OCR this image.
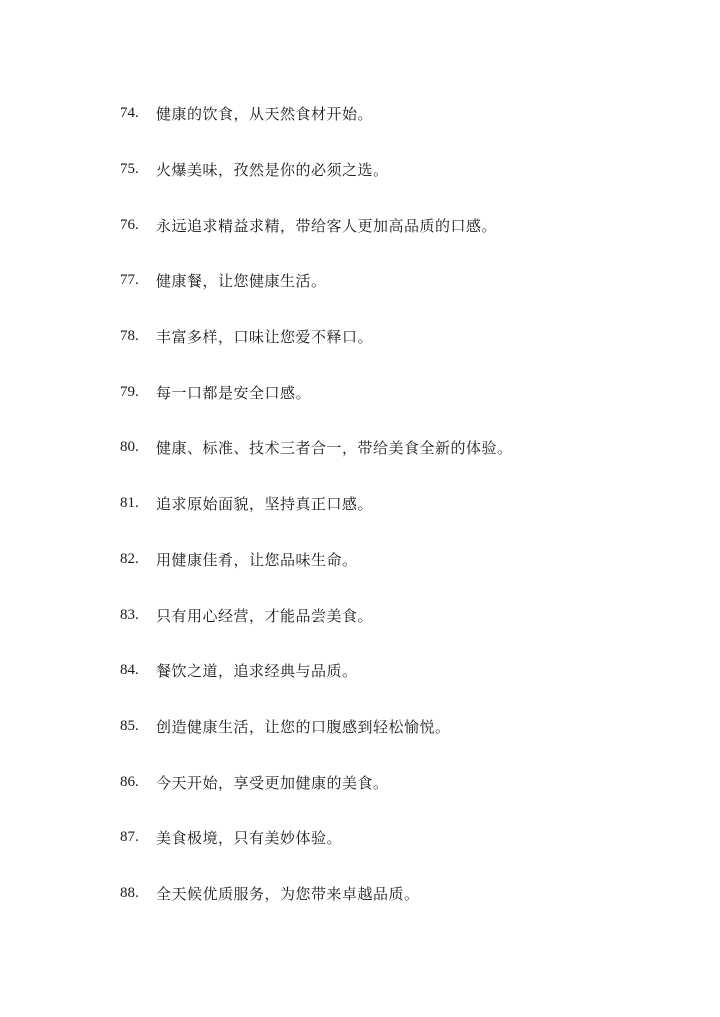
74.	健康的饮食，从天然食材开始。
75.	火爆美味，孜然是你的必须之选。
76.	永远追求精益求精，带给客人更加高品质的口感。
77.	健康餐，让您健康生活。
78.	丰富多样，口味让您爱不释口。
79.	每一口都是安全口感。
80.	健康、标准、技术三者合一，带给美食全新的体验。
81.	追求原始面貌，坚持真正口感。
82.	用健康佳肴，让您品味生命。
83.	只有用心经营，才能品尝美食。
84.	餐饮之道，追求经典与品质。
85.	创造健康生活，让您的口腹感到轻松愉悦。
86.	今天开始，享受更加健康的美食。
87.	美食极境，只有美妙体验。
88.	全天候优质服务，为您带来卓越品质。
